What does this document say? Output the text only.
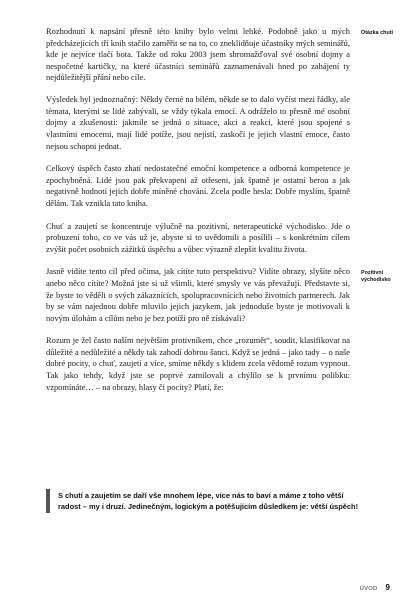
Rozhodnutí k napsání přesně této knihy bylo velmi lehké. Podobně jako u mých předcházejících tří knih stačilo zaměřit se na to, co zneklidňuje účastníky mých seminářů, kde je nejvíce tlačí bota. Takže od roku 2003 jsem shromažďoval své osobní dojmy a nespočetné kartičky, na které účastníci seminářů zaznamenávali hned po zahájení ty nejdůležitější přání nebo cíle.

Výsledek byl jednoznačný: Někdy černé na bílém, někde se to dalo vyčíst mezi řádky, ale témata, kterými se lidé zabývali, se vždy týkala emocí. A odráželo to přesně mé osobní dojmy a zkušenosti: jakmile se jedná o situace, akci a reakci, které jsou spojené s vlastními emocemi, mají lidé potíže, jsou nejistí, zaskočí je jejich vlastní emoce, často nejsou schopni jednat.

Celkový úspěch často zhatí nedostatečné emoční kompetence a odborná kompetence je zpochybněná. Lidé jsou pak překvapeni až otřeseni, jak špatně je ostatní berou a jak negativně hodnotí jejich dobře míněné chování. Zcela podle hesla: Dobře myslím, špatně dělám. Tak vznikla tato kniha.

Chuť a zaujetí se koncentruje výlučně na pozitivní, neterapeutické východisko. Jde o probuzení toho, co ve vás už je, abyste si to uvědomili a posílili – s konkrétním cílem zvýšit počet osobních zážitků úspěchu a vůbec výrazně zlepšit kvalitu života.

Jasně vidíte tento cíl před očima, jak cítíte tuto perspektivu? Vidíte obrazy, slyšíte něco anebo něco cítíte? Možná jste si už všimli, které smysly ve vás převažují. Představte si, že byste to věděli o svých zákaznících, spolupracovnících nebo životních partnerech. Jak by se vám najednou dobře mluvilo jejich jazykem, jak jednoduše byste je motivovali k novým úlohám a cílům nebo je bez potíží pro ně získávali?

Rozum je žel často naším největším protivníkem, chce „rozumět“, soudit, klasifikovat na důležité a nedůležité a někdy tak zahodí dobrou šanci. Když se jedná – jako tady – o naše dobré pocity, o chuť, zaujetí a více, smíme někdy s klidem zcela vědomě rozum vypnout. Tak jako tehdy, když jste se poprvé zamilovali a chýlilo se k prvnímu polibku: vzpomínáte… – na obrazy, hlasy či pocity? Platí, že:

Otázka chuti
Pozitivní
východisko
S chutí a zaujetím se daří vše mnohem lépe, více nás to baví a máme z toho větší radost – my i druzí. Jedinečným, logickým a potěšujícím důsledkem je: větší úspěch!
ÚVOD 9
